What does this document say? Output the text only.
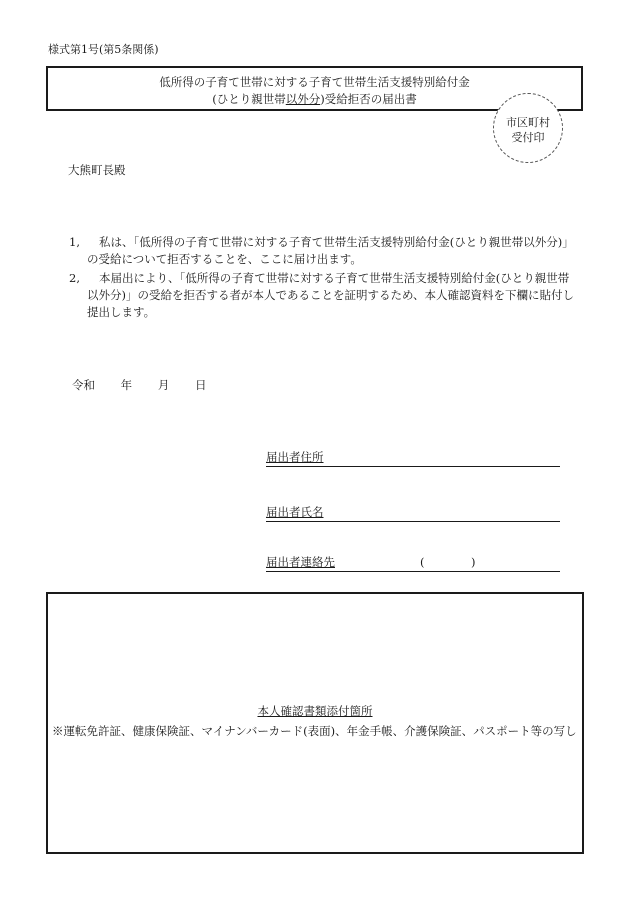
様式第1号(第5条関係)
低所得の子育て世帯に対する子育て世帯生活支援特別給付金
(ひとり親世帯以外分)受給拒否の届出書
市区町村
受付印
大熊町長殿
1,	私は、「低所得の子育て世帯に対する子育て世帯生活支援特別給付金(ひとり親世帯以外分)」
の受給について拒否することを、ここに届け出ます。
2,	本届出により、「低所得の子育て世帯に対する子育て世帯生活支援特別給付金(ひとり親世帯
以外分)」の受給を拒否する者が本人であることを証明するため、本人確認資料を下欄に貼付し
提出します。
令和 年 月 日
届出者住所
届出者氏名
届出者連絡先	(	)
本人確認書類添付箇所
※運転免許証、健康保険証、マイナンバーカード(表面)、年金手帳、介護保険証、パスポート等の写し
